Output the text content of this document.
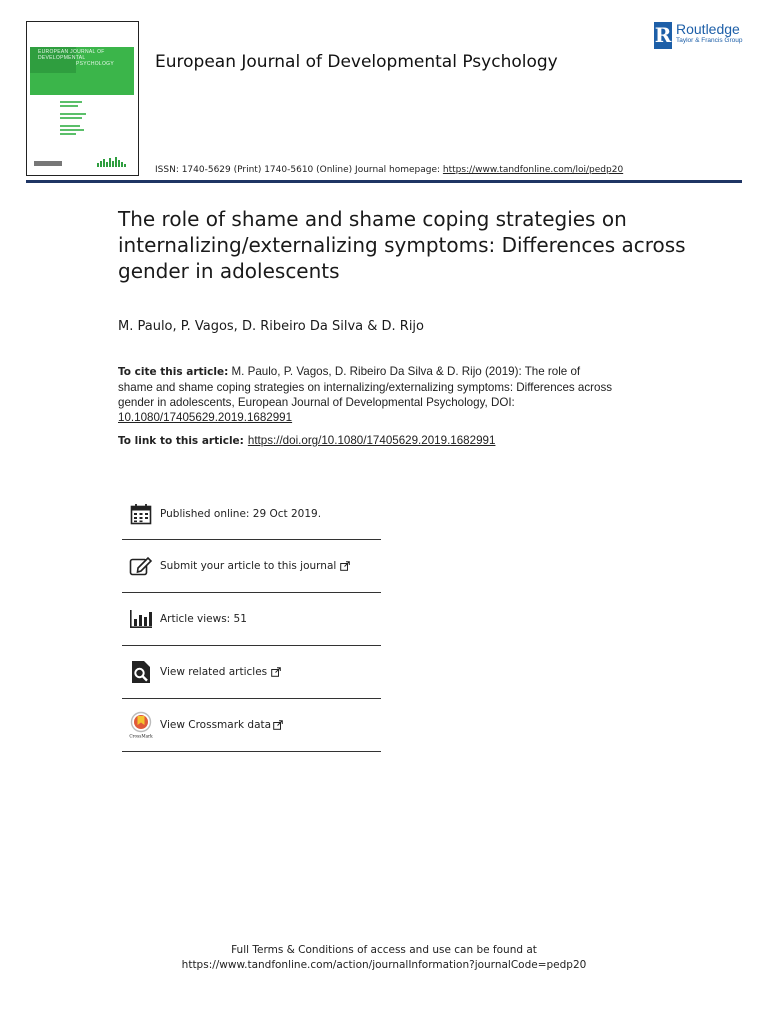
EUROPEAN JOURNAL OF
DEVELOPMENTAL
PSYCHOLOGY European Journal of Developmental Psychology
ISSN: 1740-5629 (Print) 1740-5610 (Online) Journal homepage: https://www.tandfonline.com/loi/pedp20
R Routledge
Taylor & Francis Group
The role of shame and shame coping strategies on internalizing/externalizing symptoms: Differences across gender in adolescents
M. Paulo, P. Vagos, D. Ribeiro Da Silva & D. Rijo
To cite this article: M. Paulo, P. Vagos, D. Ribeiro Da Silva & D. Rijo (2019): The role of shame and shame coping strategies on internalizing/externalizing symptoms: Differences across gender in adolescents, European Journal of Developmental Psychology, DOI: 10.1080/17405629.2019.1682991
To link to this article: https://doi.org/10.1080/17405629.2019.1682991
Published online: 29 Oct 2019.
Submit your article to this journal
Article views: 51
View related articles
CrossMark
View Crossmark data
Full Terms & Conditions of access and use can be found at
https://www.tandfonline.com/action/journalInformation?journalCode=pedp20
